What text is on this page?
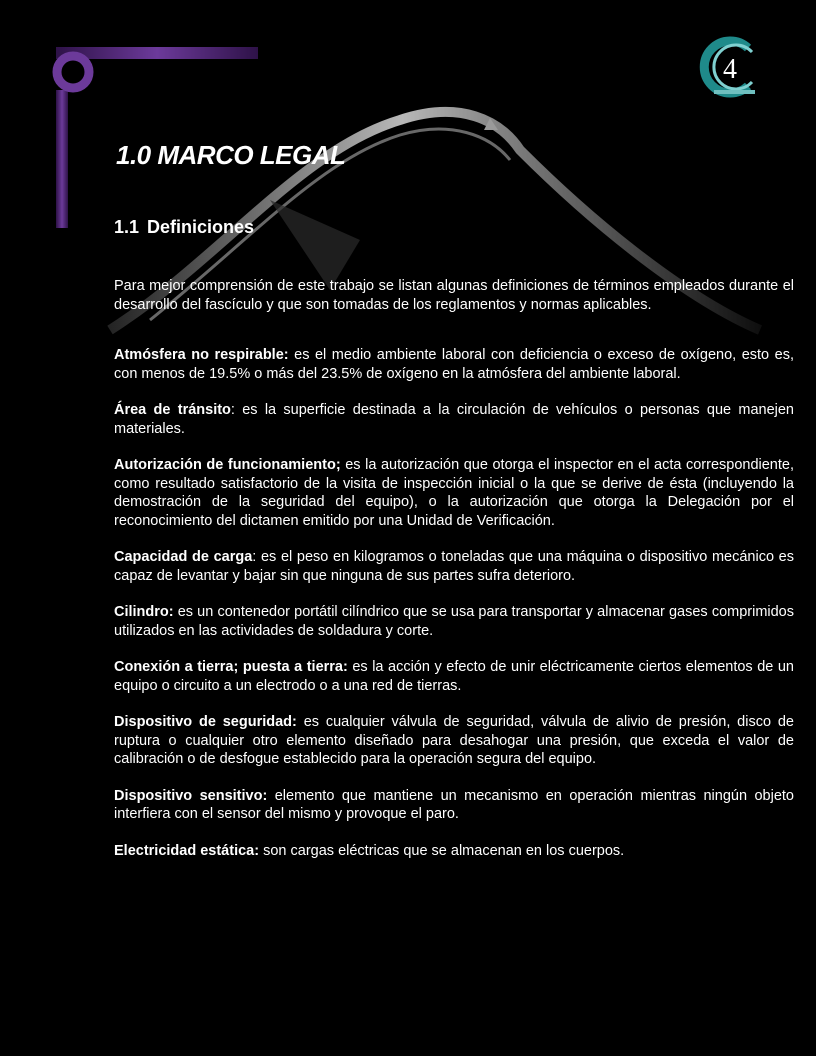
4
1.0 MARCO LEGAL
1.1 Definiciones

Para mejor comprensión de este trabajo se listan algunas definiciones de términos empleados durante el desarrollo del fascículo y que son tomadas de los reglamentos y normas aplicables.

Atmósfera no respirable: es el medio ambiente laboral con deficiencia o exceso de oxígeno, esto es, con menos de 19.5% o más del 23.5% de oxígeno en la atmósfera del ambiente laboral.

Área de tránsito: es la superficie destinada a la circulación de vehículos o personas que manejen materiales.

Autorización de funcionamiento; es la autorización que otorga el inspector en el acta correspondiente, como resultado satisfactorio de la visita de inspección inicial o la que se derive de ésta (incluyendo la demostración de la seguridad del equipo), o la autorización que otorga la Delegación por el reconocimiento del dictamen emitido por una Unidad de Verificación.

Capacidad de carga: es el peso en kilogramos o toneladas que una máquina o dispositivo mecánico es capaz de levantar y bajar sin que ninguna de sus partes sufra deterioro.

Cilindro: es un contenedor portátil cilíndrico que se usa para transportar y almacenar gases comprimidos utilizados en las actividades de soldadura y corte.

Conexión a tierra; puesta a tierra: es la acción y efecto de unir eléctricamente ciertos elementos de un equipo o circuito a un electrodo o a una red de tierras.

Dispositivo de seguridad: es cualquier válvula de seguridad, válvula de alivio de presión, disco de ruptura o cualquier otro elemento diseñado para desahogar una presión, que exceda el valor de calibración o de desfogue establecido para la operación segura del equipo.

Dispositivo sensitivo: elemento que mantiene un mecanismo en operación mientras ningún objeto interfiera con el sensor del mismo y provoque el paro.

Electricidad estática: son cargas eléctricas que se almacenan en los cuerpos.
